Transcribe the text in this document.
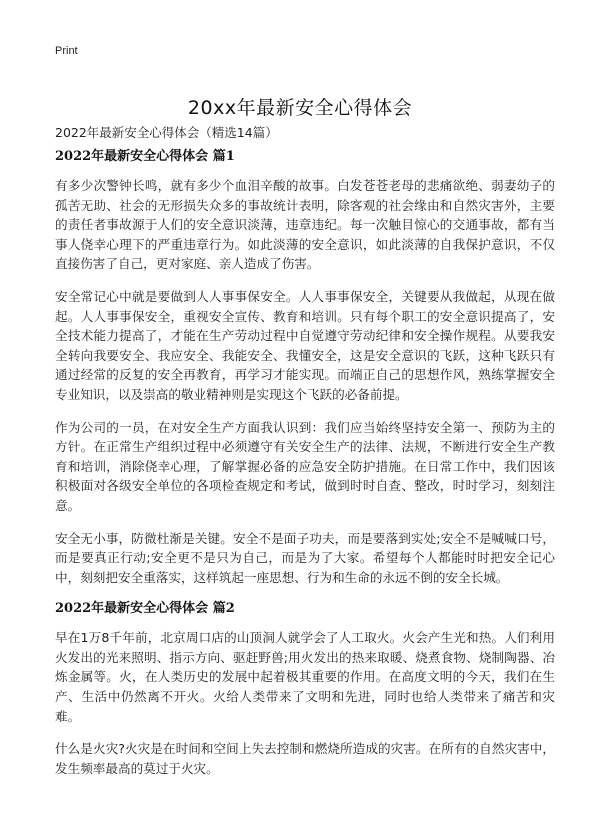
Print
20xx年最新安全心得体会
2022年最新安全心得体会（精选14篇）
2022年最新安全心得体会 篇1

有多少次警钟长鸣，就有多少个血泪辛酸的故事。白发苍苍老母的悲痛欲绝、弱妻幼子的孤苦无助、社会的无形损失众多的事故统计表明，除客观的社会缘由和自然灾害外，主要的责任者事故源于人们的安全意识淡薄，违章违纪。每一次触目惊心的交通事故，都有当事人侥幸心理下的严重违章行为。如此淡薄的安全意识，如此淡薄的自我保护意识，不仅直接伤害了自己，更对家庭、亲人造成了伤害。

安全常记心中就是要做到人人事事保安全。人人事事保安全，关键要从我做起，从现在做起。人人事事保安全，重视安全宣传、教育和培训。只有每个职工的安全意识提高了，安全技术能力提高了，才能在生产劳动过程中自觉遵守劳动纪律和安全操作规程。从要我安全转向我要安全、我应安全、我能安全、我懂安全，这是安全意识的飞跃，这种飞跃只有通过经常的反复的安全再教育，再学习才能实现。而端正自己的思想作风，熟练掌握安全专业知识，以及崇高的敬业精神则是实现这个飞跃的必备前提。

作为公司的一员，在对安全生产方面我认识到：我们应当始终坚持安全第一、预防为主的方针。在正常生产组织过程中必须遵守有关安全生产的法律、法规，不断进行安全生产教育和培训，消除侥幸心理，了解掌握必备的应急安全防护措施。在日常工作中，我们因该积极面对各级安全单位的各项检查规定和考试，做到时时自查、整改，时时学习，刻刻注意。

安全无小事，防微杜渐是关键。安全不是面子功夫，而是要落到实处;安全不是喊喊口号，而是要真正行动;安全更不是只为自己，而是为了大家。希望每个人都能时时把安全记心中，刻刻把安全重落实，这样筑起一座思想、行为和生命的永远不倒的安全长城。

2022年最新安全心得体会 篇2

早在1万8千年前，北京周口店的山顶洞人就学会了人工取火。火会产生光和热。人们利用火发出的光来照明、指示方向、驱赶野兽;用火发出的热来取暖、烧煮食物、烧制陶器、冶炼金属等。火，在人类历史的发展中起着极其重要的作用。在高度文明的今天，我们在生产、生活中仍然离不开火。火给人类带来了文明和先进，同时也给人类带来了痛苦和灾难。

什么是火灾?火灾是在时间和空间上失去控制和燃烧所造成的灾害。在所有的自然灾害中，发生频率最高的莫过于火灾。
